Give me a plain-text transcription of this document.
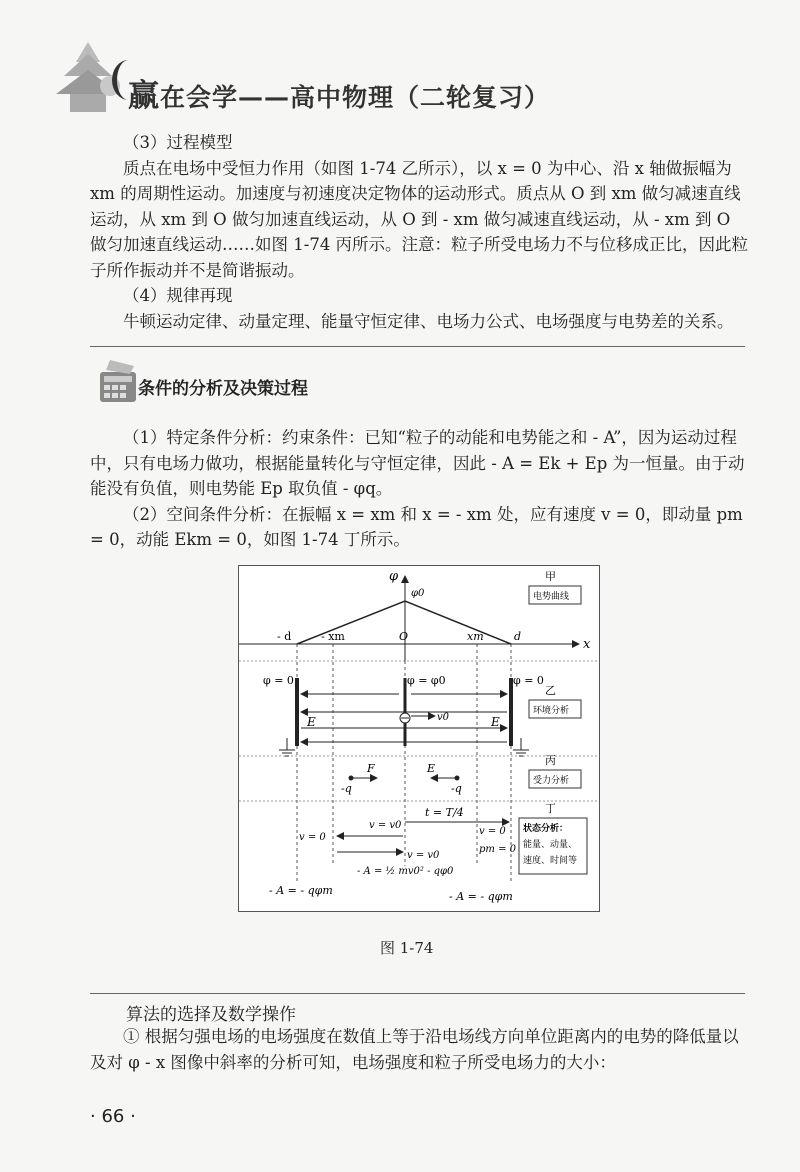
赢在会学——高中物理（二轮复习）

（3）过程模型

质点在电场中受恒力作用（如图 1-74 乙所示），以 x = 0 为中心、沿 x 轴做振幅为 xm 的周期性运动。加速度与初速度决定物体的运动形式。质点从 O 到 xm 做匀减速直线运动，从 xm 到 O 做匀加速直线运动，从 O 到 - xm 做匀减速直线运动，从 - xm 到 O 做匀加速直线运动……如图 1-74 丙所示。注意：粒子所受电场力不与位移成正比，因此粒子所作振动并不是简谐振动。

（4）规律再现

牛顿运动定律、动量定理、能量守恒定律、电场力公式、电场强度与电势差的关系。

条件的分析及决策过程

（1）特定条件分析：约束条件：已知“粒子的动能和电势能之和 - A”，因为运动过程中，只有电场力做功，根据能量转化与守恒定律，因此 - A = Ek + Ep 为一恒量。由于动能没有负值，则电势能 Ep 取负值 - φq。

（2）空间条件分析：在振幅 x = xm 和 x = - xm 处，应有速度 v = 0，即动量 pm = 0，动能 Ekm = 0，如图 1-74 丁所示。

φ
φ0
x
- d	- xm	O	xm	d
甲
电势曲线
φ = 0	φ = φ0	φ = 0
v0
E	E
乙
环境分析
F
-q
E
-q
丙
受力分析
t = T/4
v = v0
v = 0
v = 0
v = v0
pm = 0
- A = ½ mv0² - qφ0
- A = - qφm	- A = - qφm
丁
状态分析：
能量、动量、
速度、时间等
图 1-74
算法的选择及数学操作

① 根据匀强电场的电场强度在数值上等于沿电场线方向单位距离内的电势的降低量以及对 φ - x 图像中斜率的分析可知，电场强度和粒子所受电场力的大小：

· 66 ·
